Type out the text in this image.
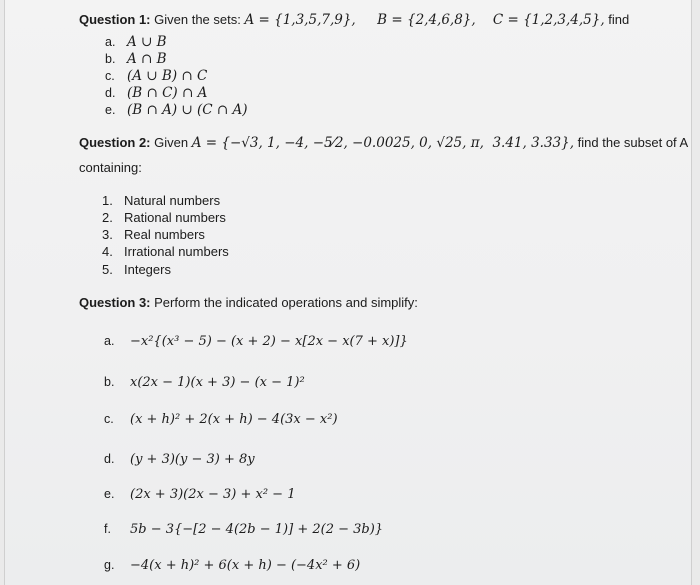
Question 1: Given the sets: A = {1,3,5,7,9},     B = {2,4,6,8},    C = {1,2,3,4,5}, find
a. A ∪ B
b. A ∩ B
c. (A ∪ B) ∩ C
d. (B ∩ C) ∩ A
e. (B ∩ A) ∪ (C ∩ A)
Question 2: Given A = {−√3, 1, −4, −5⁄2, −0.0025, 0, √25, π,  3.41, 3.33}, find the subset of A
containing:
1. Natural numbers
2. Rational numbers
3. Real numbers
4. Irrational numbers
5. Integers
Question 3: Perform the indicated operations and simplify:
a. −x²{(x³ − 5) − (x + 2) − x[2x − x(7 + x)]}
b. x(2x − 1)(x + 3) − (x − 1)²
c. (x + h)² + 2(x + h) − 4(3x − x²)
d. (y + 3)(y − 3) + 8y
e. (2x + 3)(2x − 3) + x² − 1
f. 5b − 3{−[2 − 4(2b − 1)] + 2(2 − 3b)}
g. −4(x + h)² + 6(x + h) − (−4x² + 6)
